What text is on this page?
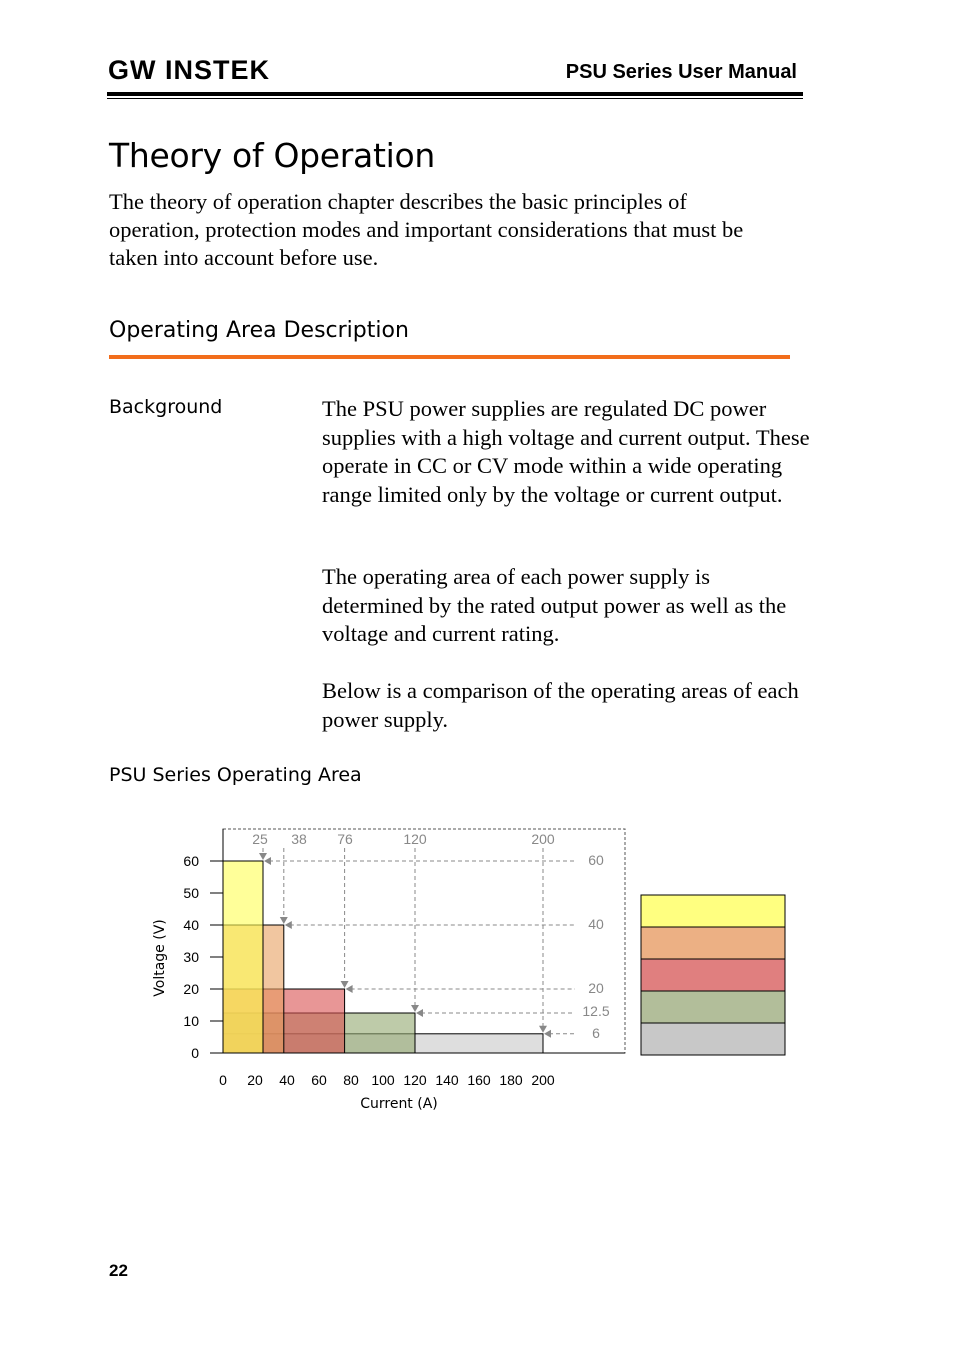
GW INSTEK	PSU Series User Manual
Theory of Operation
The theory of operation chapter describes the basic principles of operation, protection modes and important considerations that must be taken into account before use.
Operating Area Description
Background	The PSU power supplies are regulated DC power supplies with a high voltage and current output. These operate in CC or CV mode within a wide operating range limited only by the voltage or current output.

The operating area of each power supply is determined by the rated output power as well as the voltage and current rating.

Below is a comparison of the operating areas of each power supply.

PSU Series Operating Area
0
10
20
30
40
50
60
0 20 40 60 80 100 120 140 160 180 200
Current (A)
Voltage (V)
25
60
38
40
76
20
120
12.5
200
6
22
